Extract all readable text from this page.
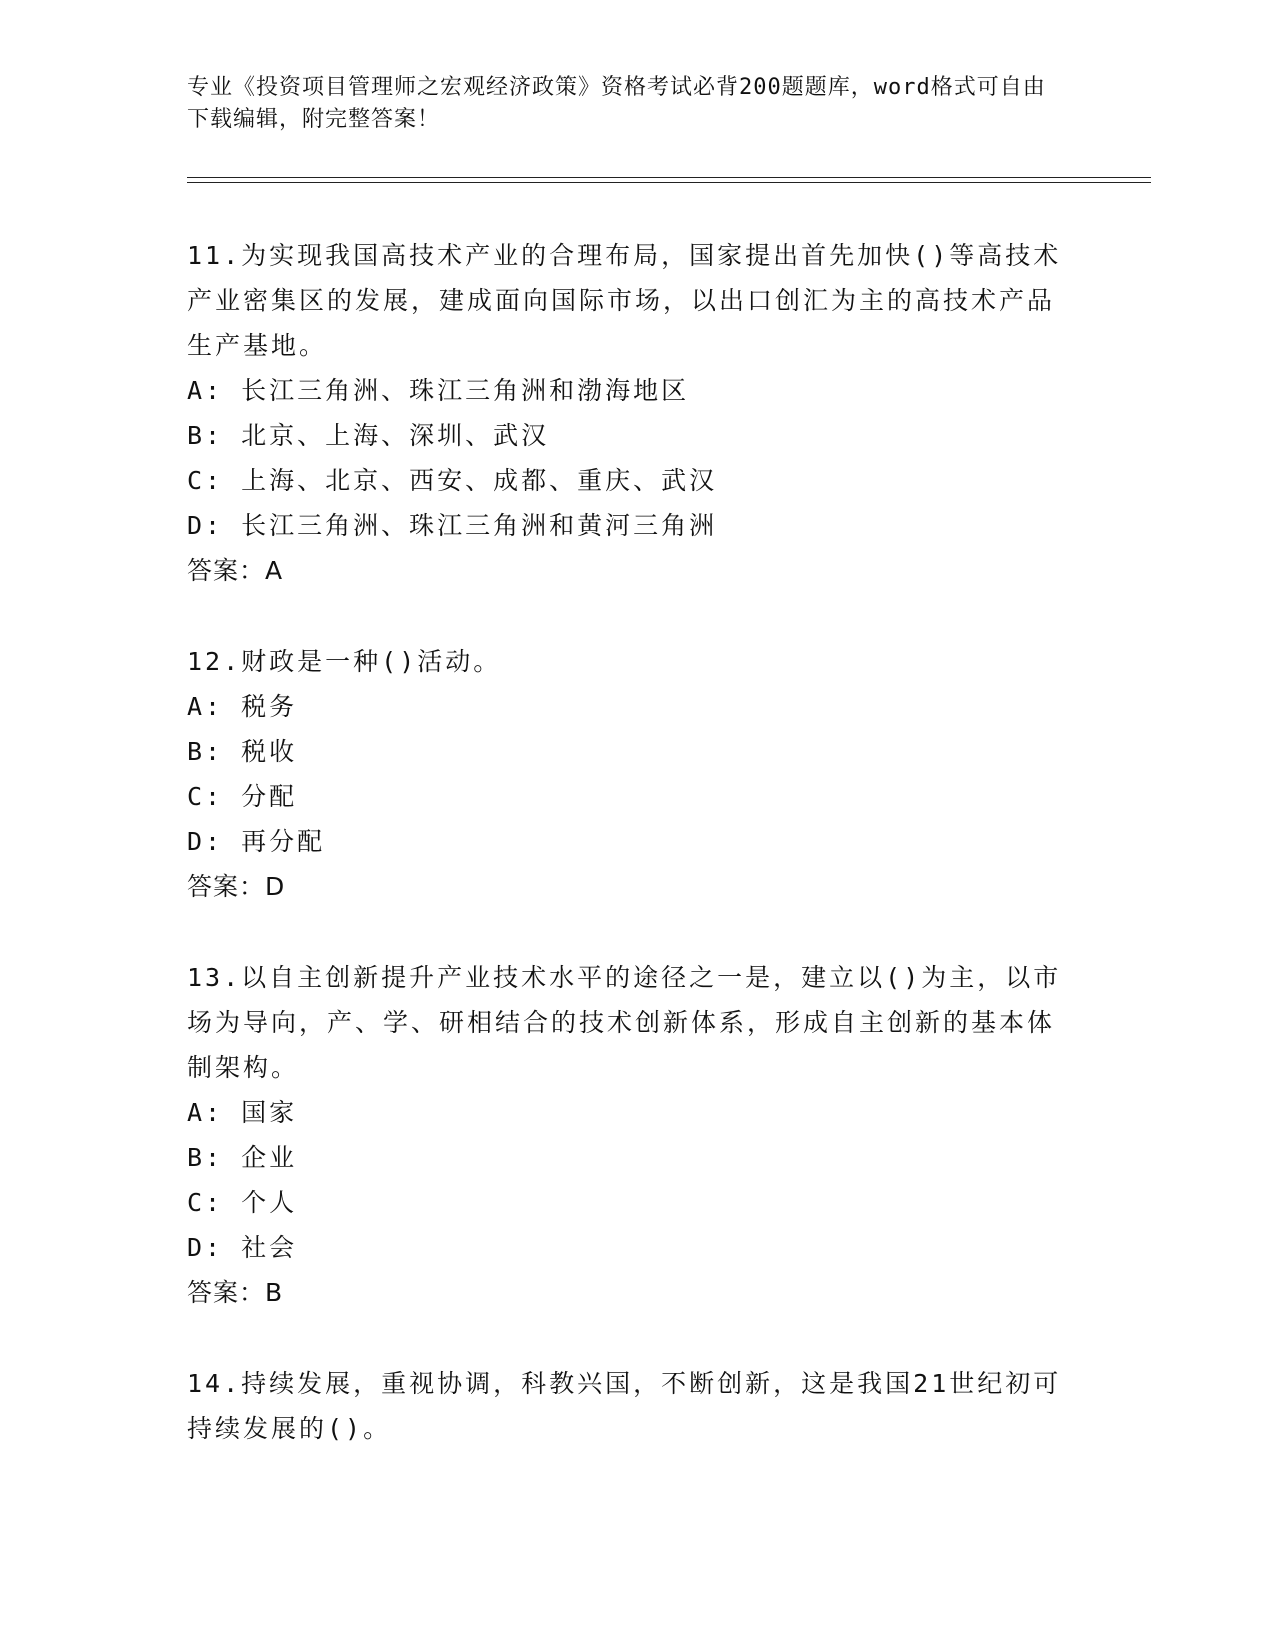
专业《投资项目管理师之宏观经济政策》资格考试必背200题题库，word格式可自由下载编辑，附完整答案！

11.为实现我国高技术产业的合理布局，国家提出首先加快()等高技术产业密集区的发展，建成面向国际市场，以出口创汇为主的高技术产品生产基地。

A: 长江三角洲、珠江三角洲和渤海地区

B: 北京、上海、深圳、武汉

C: 上海、北京、西安、成都、重庆、武汉

D: 长江三角洲、珠江三角洲和黄河三角洲

答案：A

12.财政是一种()活动。

A: 税务

B: 税收

C: 分配

D: 再分配

答案：D

13.以自主创新提升产业技术水平的途径之一是，建立以()为主，以市场为导向，产、学、研相结合的技术创新体系，形成自主创新的基本体制架构。

A: 国家

B: 企业

C: 个人

D: 社会

答案：B

14.持续发展，重视协调，科教兴国，不断创新，这是我国21世纪初可持续发展的()。
